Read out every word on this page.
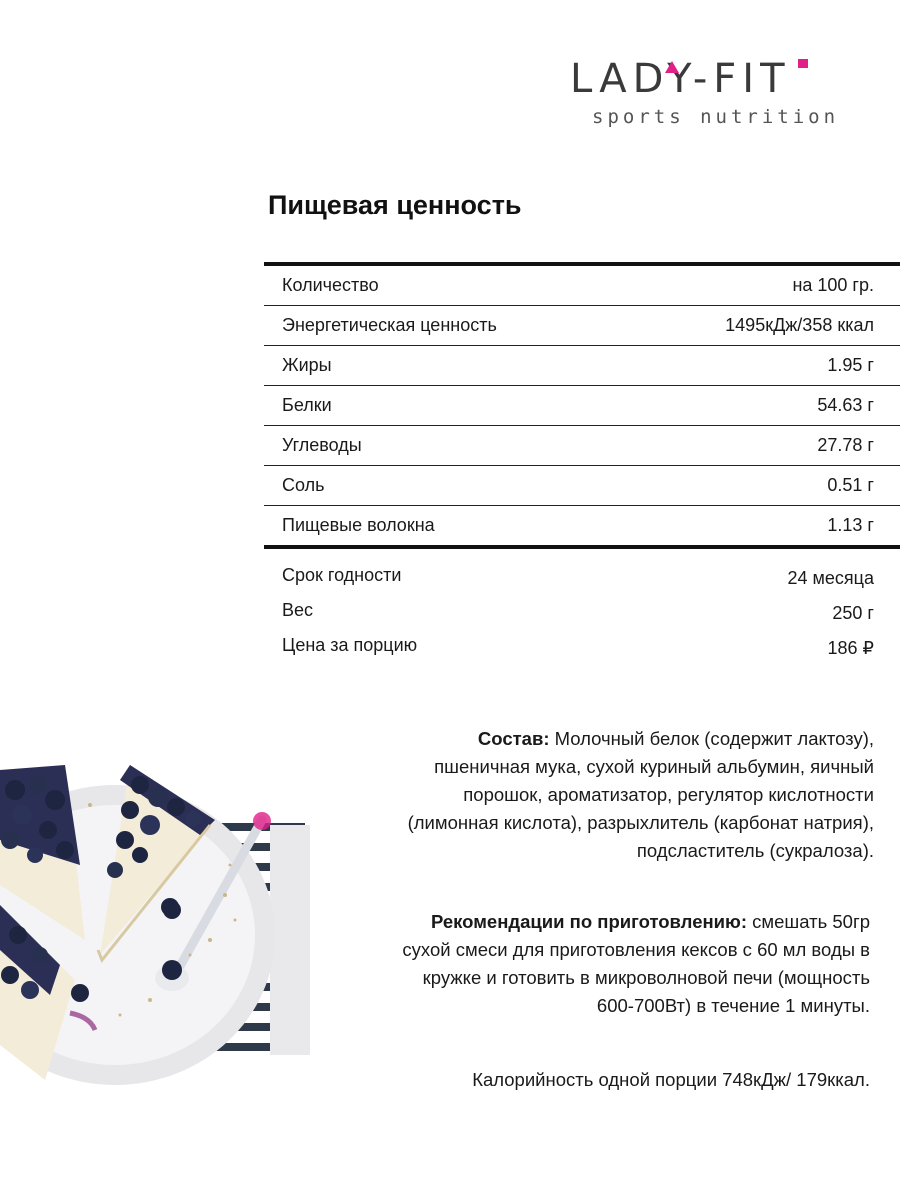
LADY-FIT
sports nutrition
Пищевая ценность
Количество	на 100 гр.
Энергетическая ценность	1495кДж/358 ккал
Жиры	1.95 г
Белки	54.63 г
Углеводы	27.78 г
Соль	0.51 г
Пищевые волокна	1.13 г
Срок годности	24 месяца
Вес	250 г
Цена за порцию	186 ₽

Состав: Молочный белок (содержит лактозу), пшеничная мука, сухой куриный альбумин, яичный порошок, ароматизатор, регулятор кислотности (лимонная кислота), разрыхлитель (карбонат натрия), подсластитель (сукралоза).

Рекомендации по приготовлению: смешать 50гр сухой смеси для приготовления кексов с 60 мл воды в кружке и готовить в микроволновой печи (мощность 600-700Вт) в течение 1 минуты.

Калорийность одной порции 748кДж/ 179ккал.
